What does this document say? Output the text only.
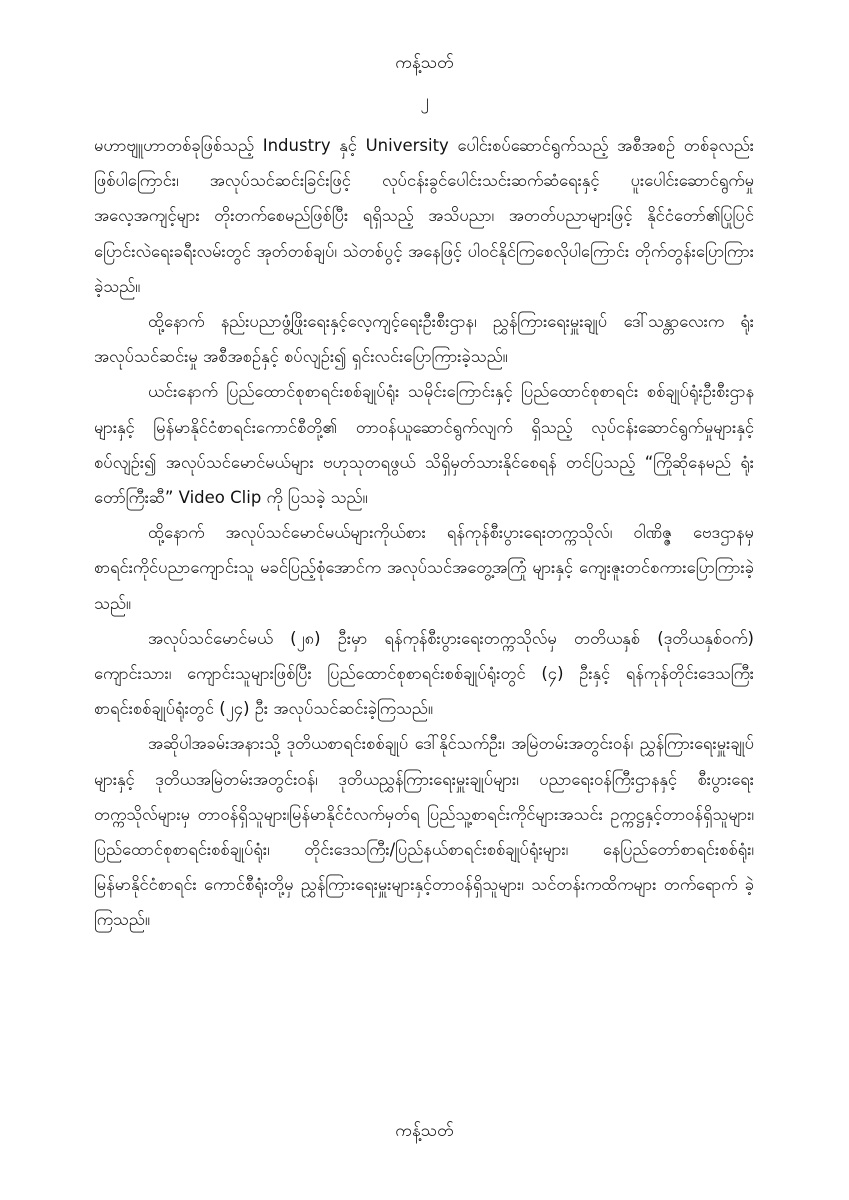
ကန့်သတ်
၂

မဟာဗျူဟာတစ်ခုဖြစ်သည့် Industry နှင့် University ပေါင်းစပ်ဆောင်ရွက်သည့် အစီအစဉ် တစ်ခုလည်းဖြစ်ပါကြောင်း၊ အလုပ်သင်ဆင်းခြင်းဖြင့် လုပ်ငန်းခွင်ပေါင်းသင်းဆက်ဆံရေးနှင့် ပူးပေါင်းဆောင်ရွက်မှုအလေ့အကျင့်များ တိုးတက်စေမည်ဖြစ်ပြီး ရရှိသည့် အသိပညာ၊ အတတ်ပညာများဖြင့် နိုင်ငံတော်၏ပြုပြင်ပြောင်းလဲရေးခရီးလမ်းတွင် အုတ်တစ်ချပ်၊ သဲတစ်ပွင့် အနေဖြင့် ပါဝင်နိုင်ကြစေလိုပါကြောင်း တိုက်တွန်းပြောကြားခဲ့သည်။

ထို့နောက် နည်းပညာဖွံ့ဖြိုးရေးနှင့်လေ့ကျင့်ရေးဦးစီးဌာန၊ ညွှန်ကြားရေးမှူးချုပ် ဒေါ်သန္တာလေးက ရုံးအလုပ်သင်ဆင်းမှု အစီအစဉ်နှင့် စပ်လျဉ်း၍ ရှင်းလင်းပြောကြားခဲ့သည်။

ယင်းနောက် ပြည်ထောင်စုစာရင်းစစ်ချုပ်ရုံး သမိုင်းကြောင်းနှင့် ပြည်ထောင်စုစာရင်း စစ်ချုပ်ရုံးဦးစီးဌာနများနှင့် မြန်မာနိုင်ငံစာရင်းကောင်စီတို့၏ တာဝန်ယူဆောင်ရွက်လျက် ရှိသည့် လုပ်ငန်းဆောင်ရွက်မှုများနှင့်စပ်လျဉ်း၍ အလုပ်သင်မောင်မယ်များ ဗဟုသုတရဖွယ် သိရှိမှတ်သားနိုင်စေရန် တင်ပြသည့် “ကြိုဆိုနေမည် ရုံးတော်ကြီးဆီ” Video Clip ကို ပြသခဲ့ သည်။

ထို့နောက် အလုပ်သင်မောင်မယ်များကိုယ်စား ရန်ကုန်စီးပွားရေးတက္ကသိုလ်၊ ဝါဏိဇ္ဇ ဗေဒဌာနမှ စာရင်းကိုင်ပညာကျောင်းသူ မခင်ပြည့်စုံအောင်က အလုပ်သင်အတွေ့အကြုံ များနှင့် ကျေးဇူးတင်စကားပြောကြားခဲ့သည်။

အလုပ်သင်မောင်မယ် (၂၈) ဦးမှာ ရန်ကုန်စီးပွားရေးတက္ကသိုလ်မှ တတိယနှစ် (ဒုတိယနှစ်ဝက်) ကျောင်းသား၊ ကျောင်းသူများဖြစ်ပြီး ပြည်ထောင်စုစာရင်းစစ်ချုပ်ရုံးတွင် (၄) ဦးနှင့် ရန်ကုန်တိုင်းဒေသကြီးစာရင်းစစ်ချုပ်ရုံးတွင် (၂၄) ဦး အလုပ်သင်ဆင်းခဲ့ကြသည်။

အဆိုပါအခမ်းအနားသို့ ဒုတိယစာရင်းစစ်ချုပ် ဒေါ်နိုင်သက်ဦး၊ အမြဲတမ်းအတွင်းဝန်၊ ညွှန်ကြားရေးမှူးချုပ်များနှင့် ဒုတိယအမြဲတမ်းအတွင်းဝန်၊ ဒုတိယညွှန်ကြားရေးမှူးချုပ်များ၊ ပညာရေးဝန်ကြီးဌာနနှင့် စီးပွားရေးတက္ကသိုလ်များမှ တာဝန်ရှိသူများ၊မြန်မာနိုင်ငံလက်မှတ်ရ ပြည်သူ့စာရင်းကိုင်များအသင်း ဥက္ကဋ္ဌနှင့်တာဝန်ရှိသူများ၊ ပြည်ထောင်စုစာရင်းစစ်ချုပ်ရုံး၊ တိုင်းဒေသကြီး/ပြည်နယ်စာရင်းစစ်ချုပ်ရုံးများ၊ နေပြည်တော်စာရင်းစစ်ရုံး၊ မြန်မာနိုင်ငံစာရင်း ကောင်စီရုံးတို့မှ ညွှန်ကြားရေးမှူးများနှင့်တာဝန်ရှိသူများ၊ သင်တန်းကထိကများ တက်ရောက် ခဲ့ကြသည်။

ကန့်သတ်
